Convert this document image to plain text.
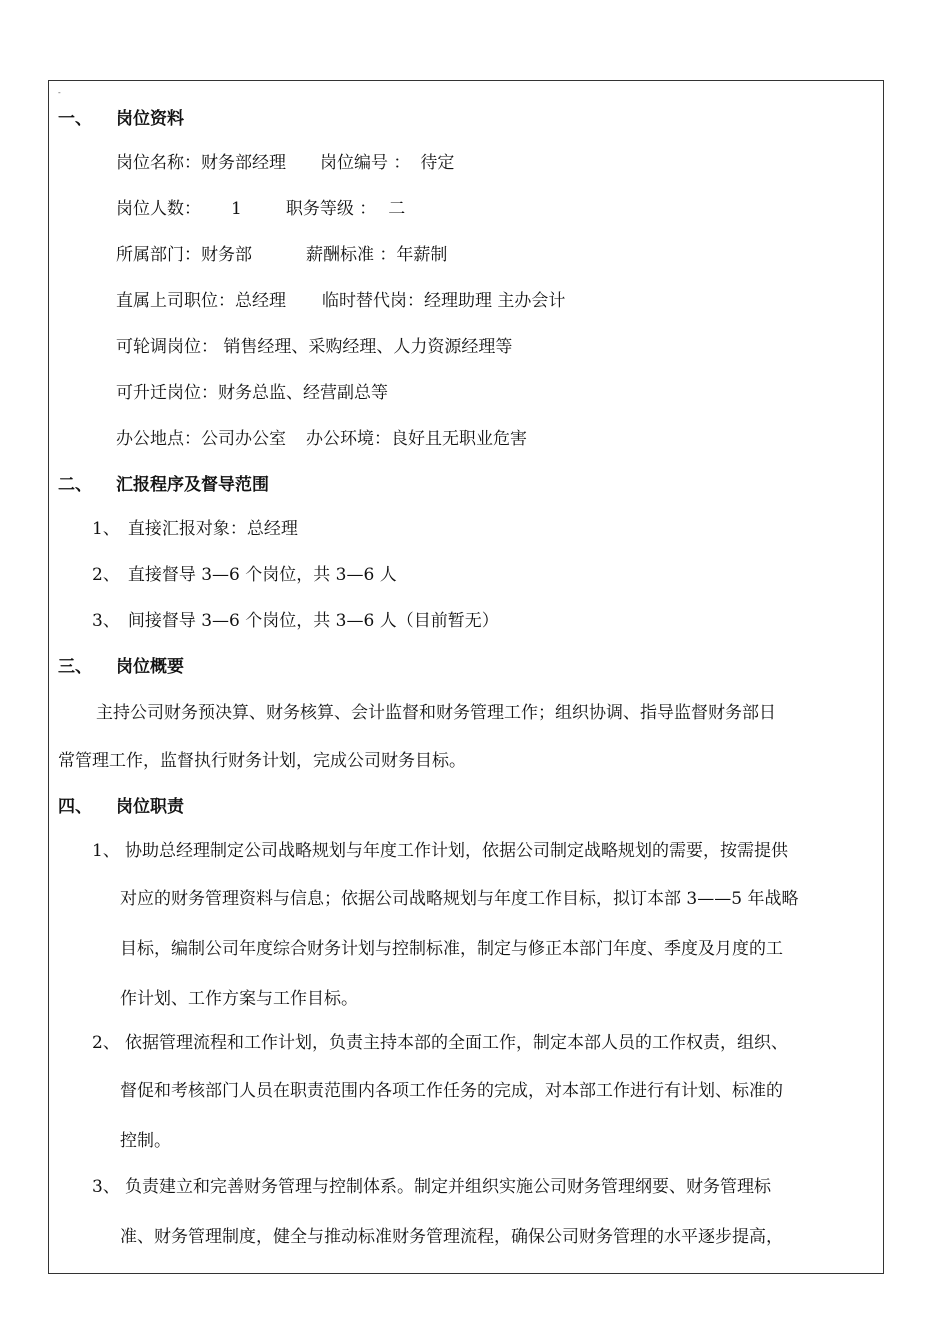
-
一、 岗位资料
岗位名称：财务部经理 岗位编号 ： 待定
岗位人数： 1	职务等级 ： 二
所属部门：财务部	薪酬标准 ：年薪制
直属上司职位：总经理 临时替代岗：经理助理 主办会计
可轮调岗位： 销售经理、采购经理、人力资源经理等
可升迁岗位：财务总监、经营副总等
办公地点：公司办公室 办公环境：良好且无职业危害
二、 汇报程序及督导范围
1、 直接汇报对象：总经理
2、 直接督导 3—6 个岗位，共 3—6 人
3、 间接督导 3—6 个岗位，共 3—6 人（目前暂无）
三、 岗位概要
主持公司财务预决算、财务核算、会计监督和财务管理工作；组织协调、指导监督财务部日
常管理工作，监督执行财务计划，完成公司财务目标。
四、 岗位职责
1、 协助总经理制定公司战略规划与年度工作计划，依据公司制定战略规划的需要，按需提供
对应的财务管理资料与信息；依据公司战略规划与年度工作目标，拟订本部 3——5 年战略
目标，编制公司年度综合财务计划与控制标准，制定与修正本部门年度、季度及月度的工
作计划、工作方案与工作目标。
2、 依据管理流程和工作计划，负责主持本部的全面工作，制定本部人员的工作权责，组织、
督促和考核部门人员在职责范围内各项工作任务的完成，对本部工作进行有计划、标准的
控制。
3、 负责建立和完善财务管理与控制体系。制定并组织实施公司财务管理纲要、财务管理标
准、财务管理制度，健全与推动标准财务管理流程，确保公司财务管理的水平逐步提高，
